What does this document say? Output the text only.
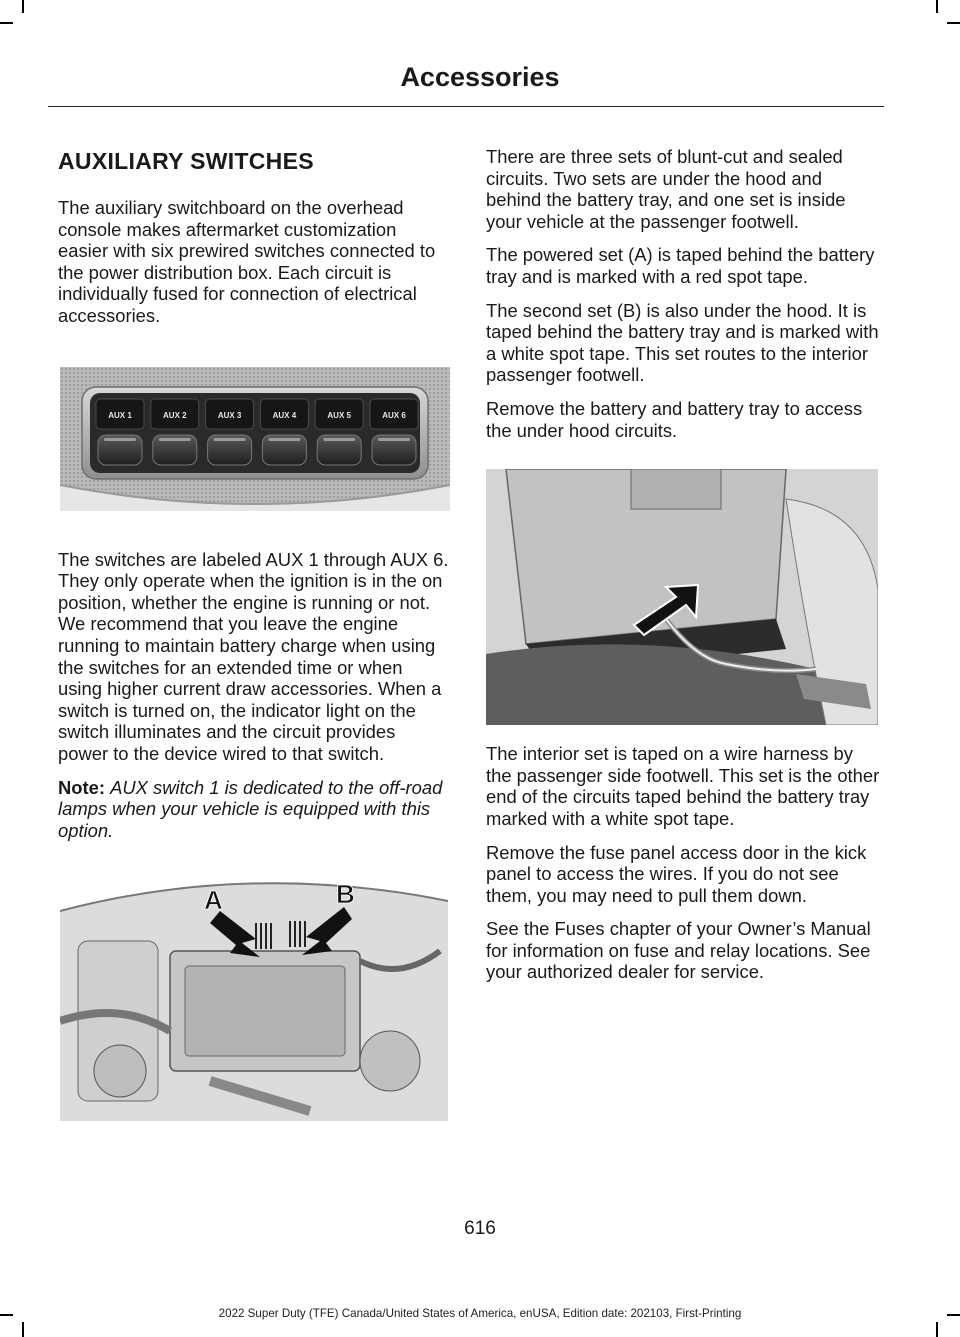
Accessories
AUXILIARY SWITCHES

The auxiliary switchboard on the overhead console makes aftermarket customization easier with six prewired switches connected to the power distribution box. Each circuit is individually fused for connection of electrical accessories.

AUX 1	AUX 2	AUX 3	AUX 4	AUX 5	AUX 6

The switches are labeled AUX 1 through AUX 6. They only operate when the ignition is in the on position, whether the engine is running or not. We recommend that you leave the engine running to maintain battery charge when using the switches for an extended time or when using higher current draw accessories. When a switch is turned on, the indicator light on the switch illuminates and the circuit provides power to the device wired to that switch.

Note: AUX switch 1 is dedicated to the off-road lamps when your vehicle is equipped with this option.

A	B

There are three sets of blunt-cut and sealed circuits. Two sets are under the hood and behind the battery tray, and one set is inside your vehicle at the passenger footwell.

The powered set (A) is taped behind the battery tray and is marked with a red spot tape.

The second set (B) is also under the hood. It is taped behind the battery tray and is marked with a white spot tape. This set routes to the interior passenger footwell.

Remove the battery and battery tray to access the under hood circuits.

The interior set is taped on a wire harness by the passenger side footwell. This set is the other end of the circuits taped behind the battery tray marked with a white spot tape.

Remove the fuse panel access door in the kick panel to access the wires. If you do not see them, you may need to pull them down.

See the Fuses chapter of your Owner’s Manual for information on fuse and relay locations. See your authorized dealer for service.

616
2022 Super Duty (TFE) Canada/United States of America, enUSA, Edition date: 202103, First-Printing
